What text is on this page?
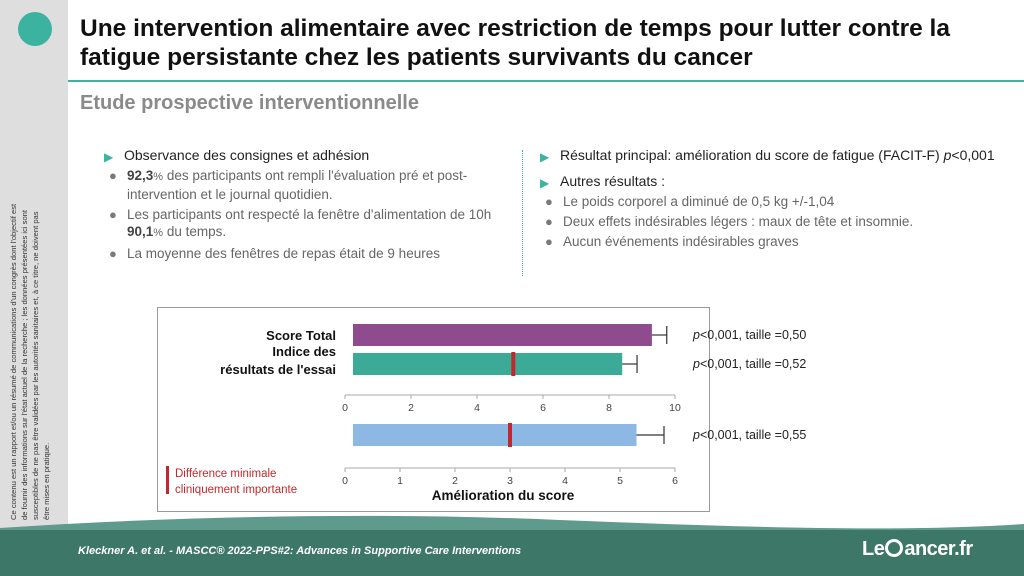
Ce contenu est un rapport et/ou un résumé de communications d'un congrès dont l'objectif est de fournir des informations sur l'état actuel de la recherche ; les données présentées ici sont susceptibles de ne pas être validées par les autorités sanitaires et, à ce titre, ne doivent pas être mises en pratique.
Une intervention alimentaire avec restriction de temps pour lutter contre la fatigue persistante chez les patients survivants du cancer
Etude prospective interventionnelle
▶ Observance des consignes et adhésion
● 92,3% des participants ont rempli l'évaluation pré et post-intervention et le journal quotidien.
● Les participants ont respecté la fenêtre d'alimentation de 10h 90,1% du temps.
● La moyenne des fenêtres de repas était de 9 heures
▶ Résultat principal: amélioration du score de fatigue (FACIT-F) p<0,001
▶ Autres résultats :
● Le poids corporel a diminué de 0,5 kg +/-1,04
● Deux effets indésirables légers : maux de tête et insomnie.
● Aucun événements indésirables graves
0	2	4	6	8	10
p<0,001, taille =0,50
Score Total
p<0,001, taille =0,52
Indice des
résultats de l'essai
0	1	2	3	4	5	6
p<0,001, taille =0,55
Amélioration du score
Différence minimale
cliniquement importante
Kleckner A. et al. - MASCC® 2022-PPS#2: Advances in Supportive Care Interventions	Le ancer.fr
